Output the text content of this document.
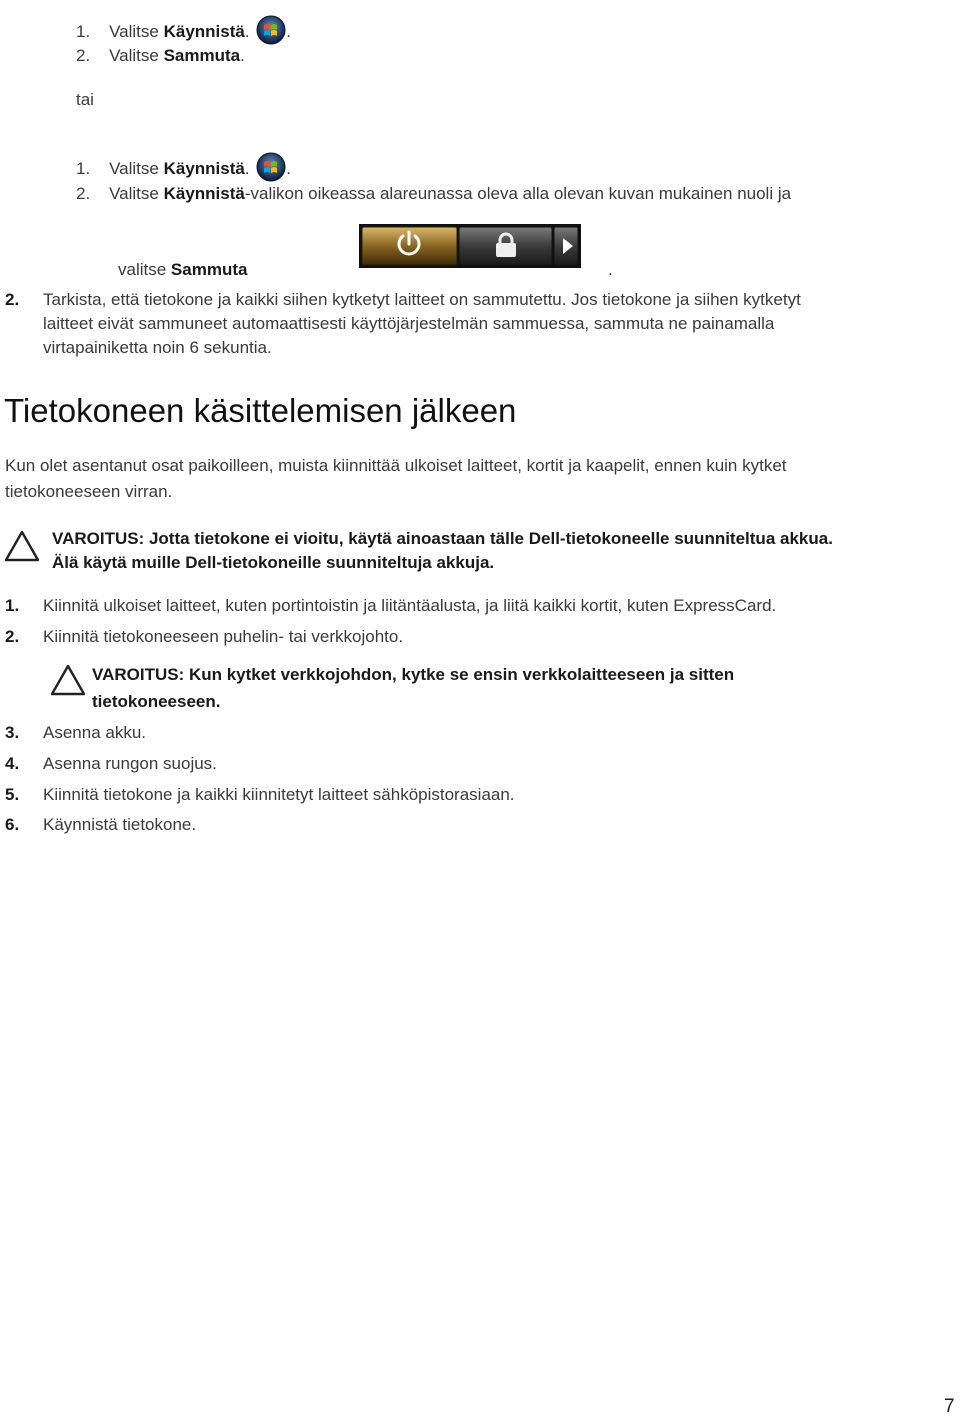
1. Valitse Käynnistä. .
2. Valitse Sammuta.
tai
1. Valitse Käynnistä. .
2. Valitse Käynnistä-valikon oikeassa alareunassa oleva alla olevan kuvan mukainen nuoli ja
valitse Sammuta	.
2. Tarkista, että tietokone ja kaikki siihen kytketyt laitteet on sammutettu. Jos tietokone ja siihen kytketyt
laitteet eivät sammuneet automaattisesti käyttöjärjestelmän sammuessa, sammuta ne painamalla
virtapainiketta noin 6 sekuntia.
Tietokoneen käsittelemisen jälkeen
Kun olet asentanut osat paikoilleen, muista kiinnittää ulkoiset laitteet, kortit ja kaapelit, ennen kuin kytket
tietokoneeseen virran.
VAROITUS: Jotta tietokone ei vioitu, käytä ainoastaan tälle Dell-tietokoneelle suunniteltua akkua.
Älä käytä muille Dell-tietokoneille suunniteltuja akkuja.
1. Kiinnitä ulkoiset laitteet, kuten portintoistin ja liitäntäalusta, ja liitä kaikki kortit, kuten ExpressCard.
2. Kiinnitä tietokoneeseen puhelin- tai verkkojohto.
VAROITUS: Kun kytket verkkojohdon, kytke se ensin verkkolaitteeseen ja sitten
tietokoneeseen.
3. Asenna akku.
4. Asenna rungon suojus.
5. Kiinnitä tietokone ja kaikki kiinnitetyt laitteet sähköpistorasiaan.
6. Käynnistä tietokone.
7
